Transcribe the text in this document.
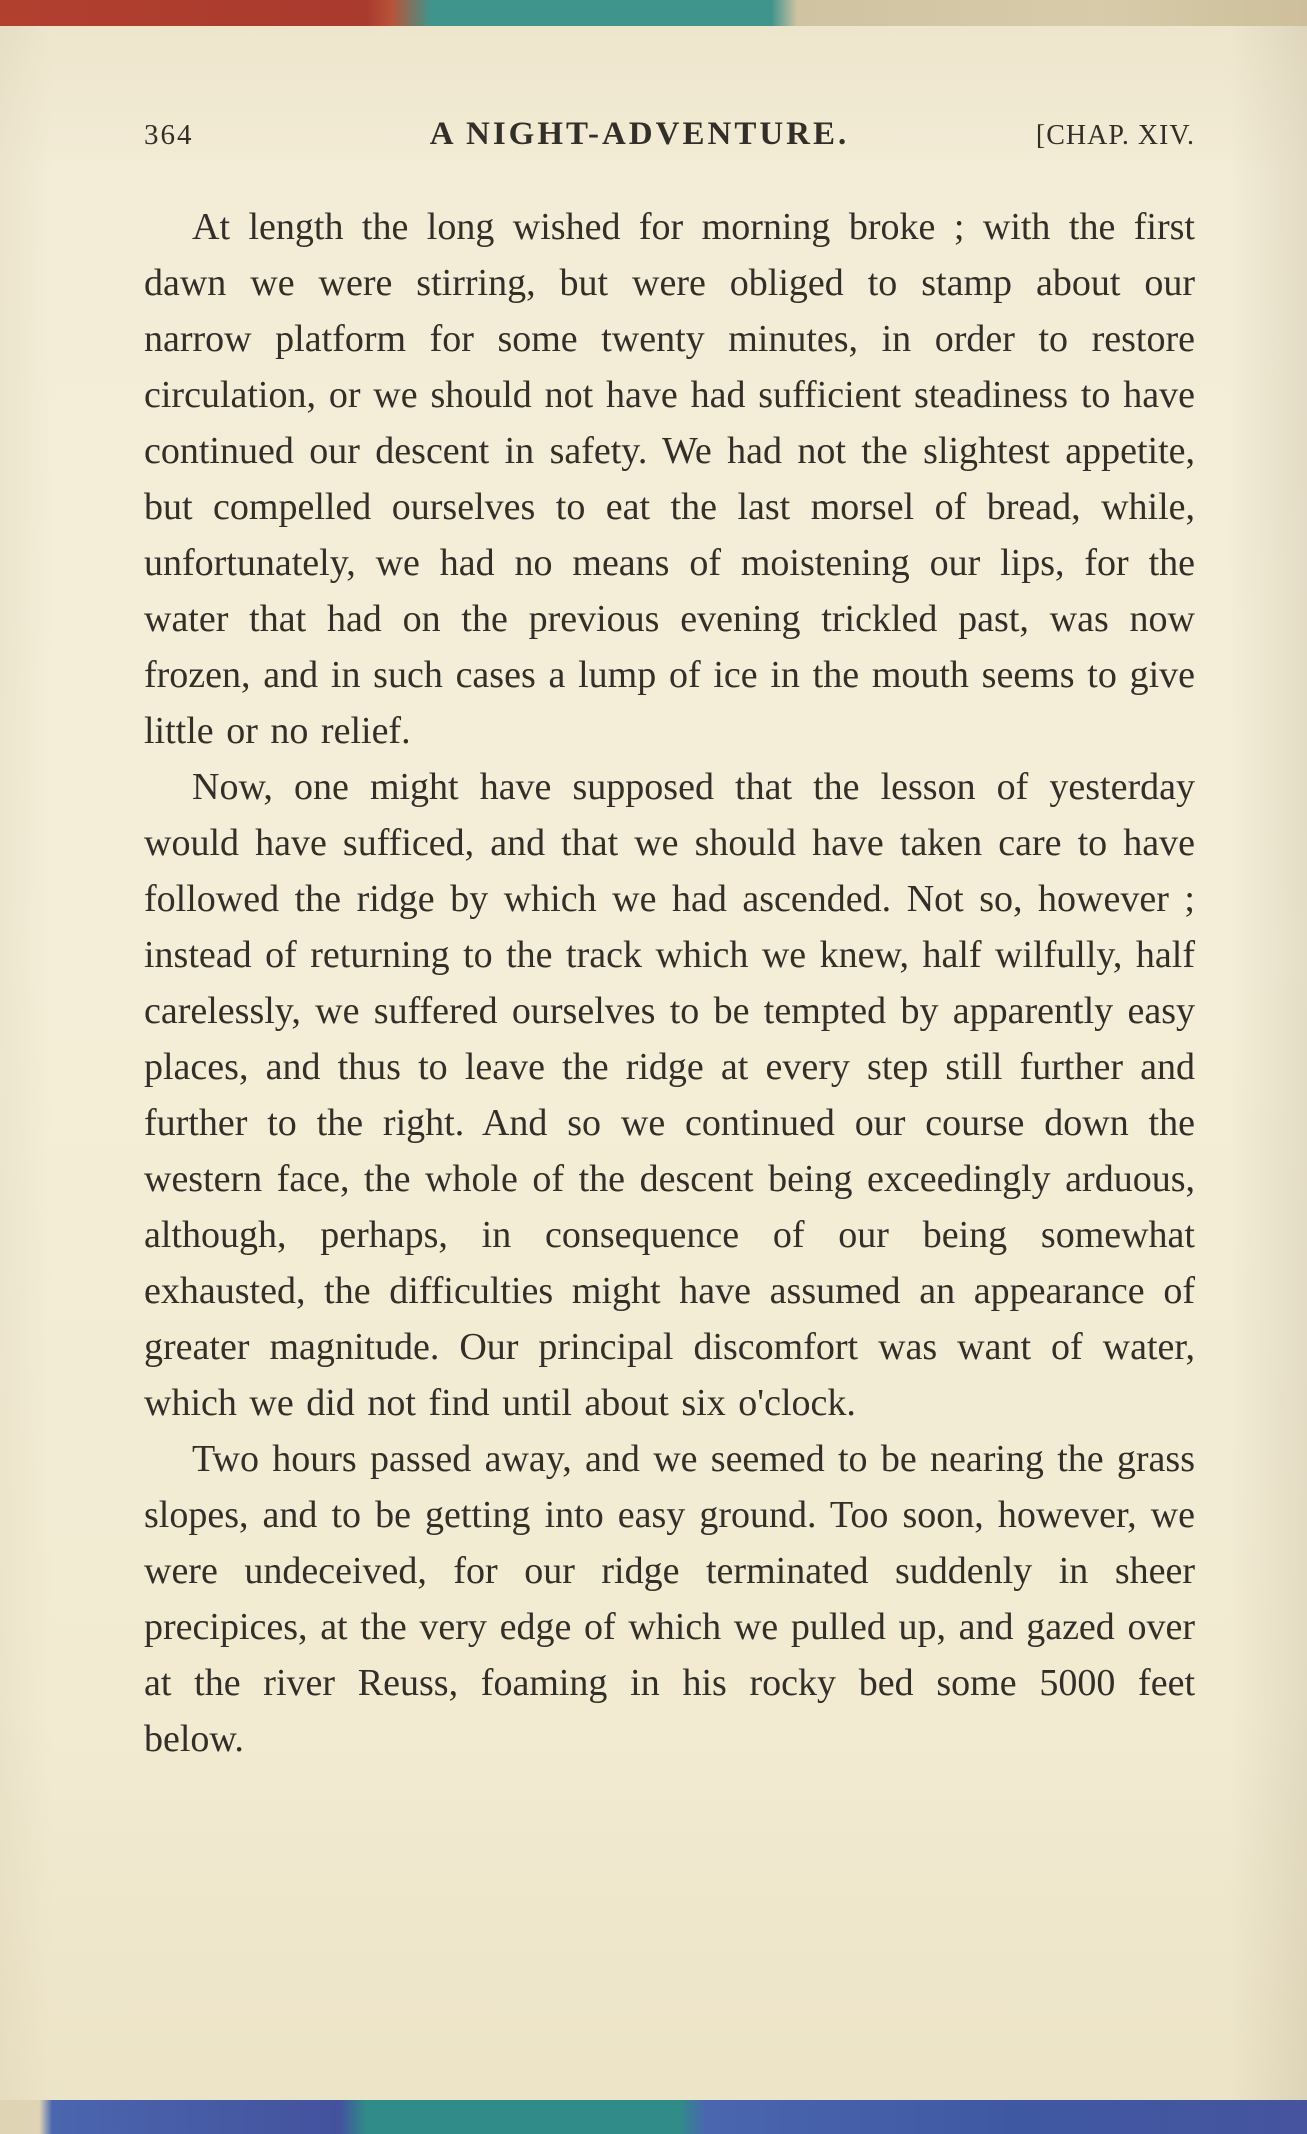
364	A NIGHT-ADVENTURE.	[CHAP. XIV.

At length the long wished for morning broke ; with the first dawn we were stirring, but were obliged to stamp about our narrow platform for some twenty minutes, in order to restore circulation, or we should not have had sufficient steadiness to have continued our descent in safety. We had not the slightest appetite, but compelled ourselves to eat the last morsel of bread, while, unfortunately, we had no means of moistening our lips, for the water that had on the previous evening trickled past, was now frozen, and in such cases a lump of ice in the mouth seems to give little or no relief.

Now, one might have supposed that the lesson of yesterday would have sufficed, and that we should have taken care to have followed the ridge by which we had ascended. Not so, however ; instead of returning to the track which we knew, half wilfully, half carelessly, we suffered ourselves to be tempted by apparently easy places, and thus to leave the ridge at every step still further and further to the right. And so we continued our course down the western face, the whole of the descent being exceedingly arduous, although, perhaps, in consequence of our being somewhat exhausted, the difficulties might have assumed an appearance of greater magnitude. Our principal discomfort was want of water, which we did not find until about six o'clock.

Two hours passed away, and we seemed to be nearing the grass slopes, and to be getting into easy ground. Too soon, however, we were undeceived, for our ridge terminated suddenly in sheer precipices, at the very edge of which we pulled up, and gazed over at the river Reuss, foaming in his rocky bed some 5000 feet below.
